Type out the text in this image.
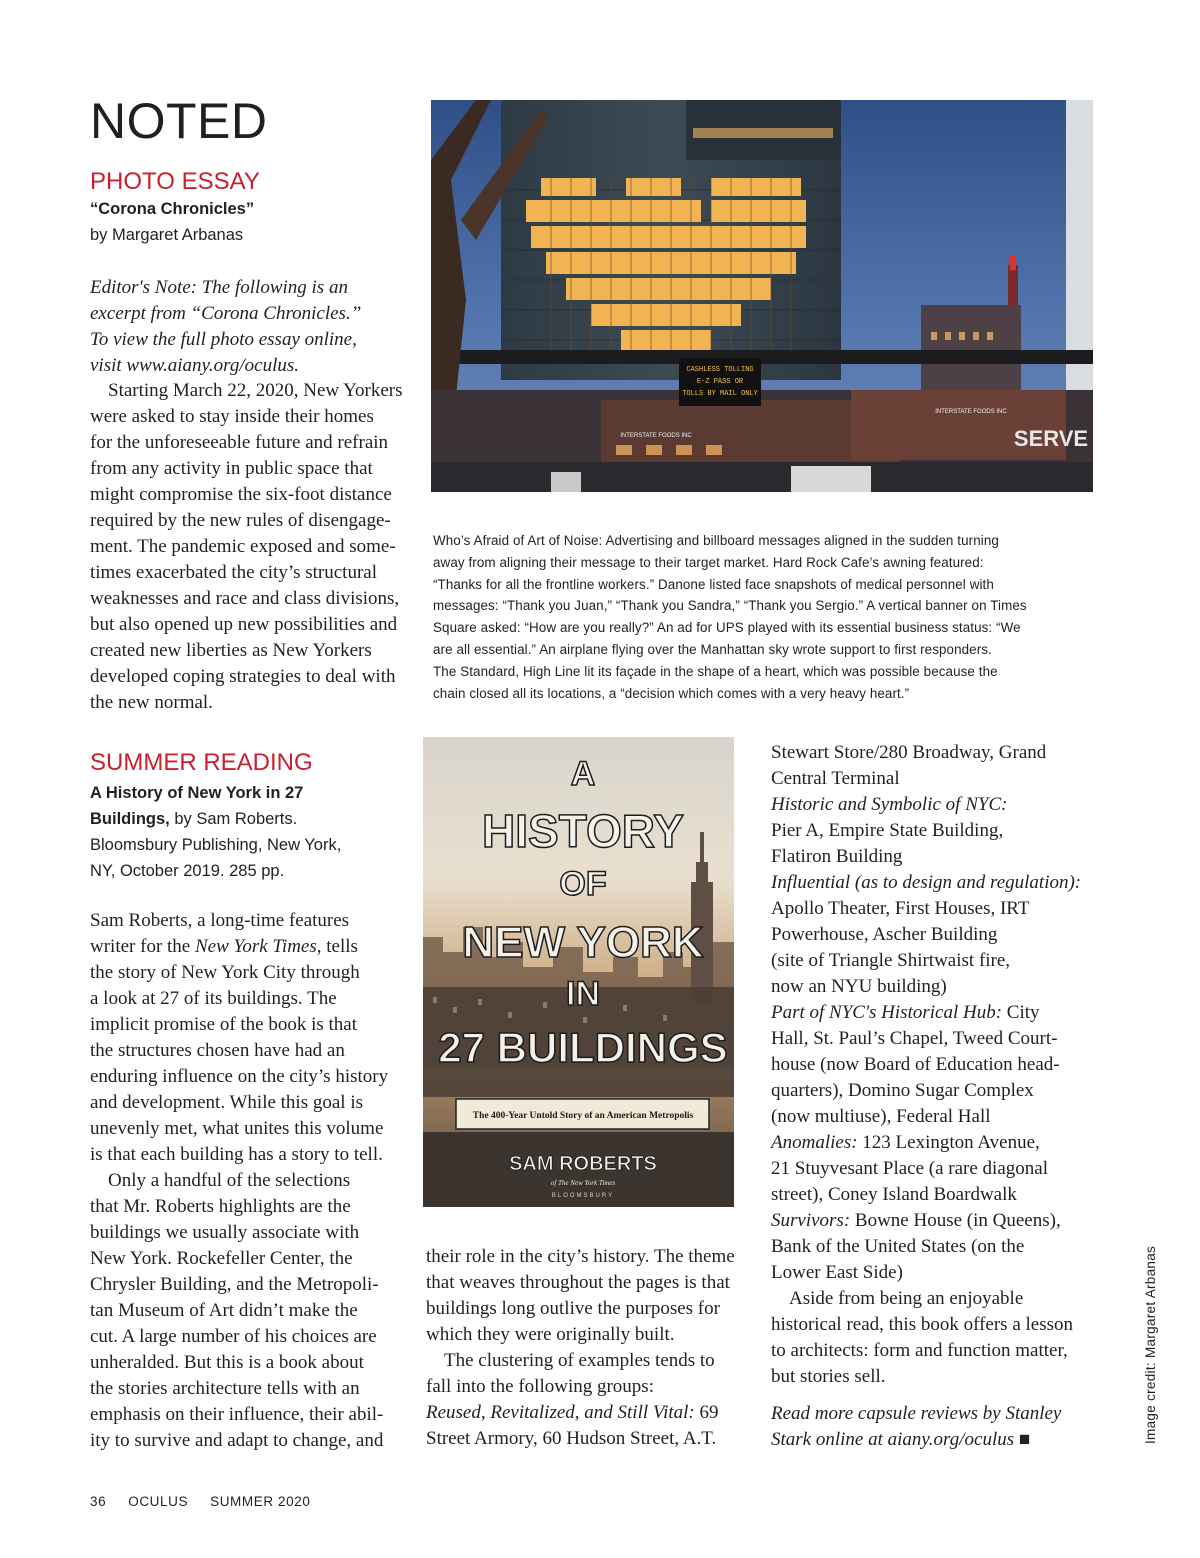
NOTED
PHOTO ESSAY
“Corona Chronicles”
by Margaret Arbanas
Editor's Note: The following is an
excerpt from “Corona Chronicles.”
To view the full photo essay online,
visit www.aiany.org/oculus.
Starting March 22, 2020, New Yorkers
were asked to stay inside their homes
for the unforeseeable future and refrain
from any activity in public space that
might compromise the six-foot distance
required by the new rules of disengage-
ment. The pandemic exposed and some-
times exacerbated the city’s structural
weaknesses and race and class divisions,
but also opened up new possibilities and
created new liberties as New Yorkers
developed coping strategies to deal with
the new normal.
CASHLESS TOLLING
E-Z PASS OR
TOLLS BY MAIL ONLY
INTERSTATE FOODS INC
INTERSTATE FOODS INC
SERVE
Who’s Afraid of Art of Noise: Advertising and billboard messages aligned in the sudden turning
away from aligning their message to their target market. Hard Rock Cafe’s awning featured:
“Thanks for all the frontline workers.” Danone listed face snapshots of medical personnel with
messages: “Thank you Juan,” “Thank you Sandra,” “Thank you Sergio.” A vertical banner on Times
Square asked: “How are you really?” An ad for UPS played with its essential business status: “We
are all essential.” An airplane flying over the Manhattan sky wrote support to first responders.
The Standard, High Line lit its façade in the shape of a heart, which was possible because the
chain closed all its locations, a “decision which comes with a very heavy heart.”
SUMMER READING
A History of New York in 27
Buildings, by Sam Roberts.
Bloomsbury Publishing, New York,
NY, October 2019. 285 pp.
Sam Roberts, a long-time features
writer for the New York Times, tells
the story of New York City through
a look at 27 of its buildings. The
implicit promise of the book is that
the structures chosen have had an
enduring influence on the city’s history
and development. While this goal is
unevenly met, what unites this volume
is that each building has a story to tell.
Only a handful of the selections
that Mr. Roberts highlights are the
buildings we usually associate with
New York. Rockefeller Center, the
Chrysler Building, and the Metropoli-
tan Museum of Art didn’t make the
cut. A large number of his choices are
unheralded. But this is a book about
the stories architecture tells with an
emphasis on their influence, their abil-
ity to survive and adapt to change, and
A
HISTORY
OF
NEW YORK
IN
27 BUILDINGS
The 400-Year Untold Story of an American Metropolis
SAM ROBERTS
of The New York Times
BLOOMSBURY
their role in the city’s history. The theme
that weaves throughout the pages is that
buildings long outlive the purposes for
which they were originally built.
The clustering of examples tends to
fall into the following groups:
Reused, Revitalized, and Still Vital: 69
Street Armory, 60 Hudson Street, A.T.
Stewart Store/280 Broadway, Grand
Central Terminal
Historic and Symbolic of NYC:
Pier A, Empire State Building,
Flatiron Building
Influential (as to design and regulation):
Apollo Theater, First Houses, IRT
Powerhouse, Ascher Building
(site of Triangle Shirtwaist fire,
now an NYU building)
Part of NYC's Historical Hub: City
Hall, St. Paul’s Chapel, Tweed Court-
house (now Board of Education head-
quarters), Domino Sugar Complex
(now multiuse), Federal Hall
Anomalies: 123 Lexington Avenue,
21 Stuyvesant Place (a rare diagonal
street), Coney Island Boardwalk
Survivors: Bowne House (in Queens),
Bank of the United States (on the
Lower East Side)
Aside from being an enjoyable
historical read, this book offers a lesson
to architects: form and function matter,
but stories sell.
Read more capsule reviews by Stanley
Stark online at aiany.org/oculus ■	Image credit: Margaret Arbanas
36 OCULUS SUMMER 2020
